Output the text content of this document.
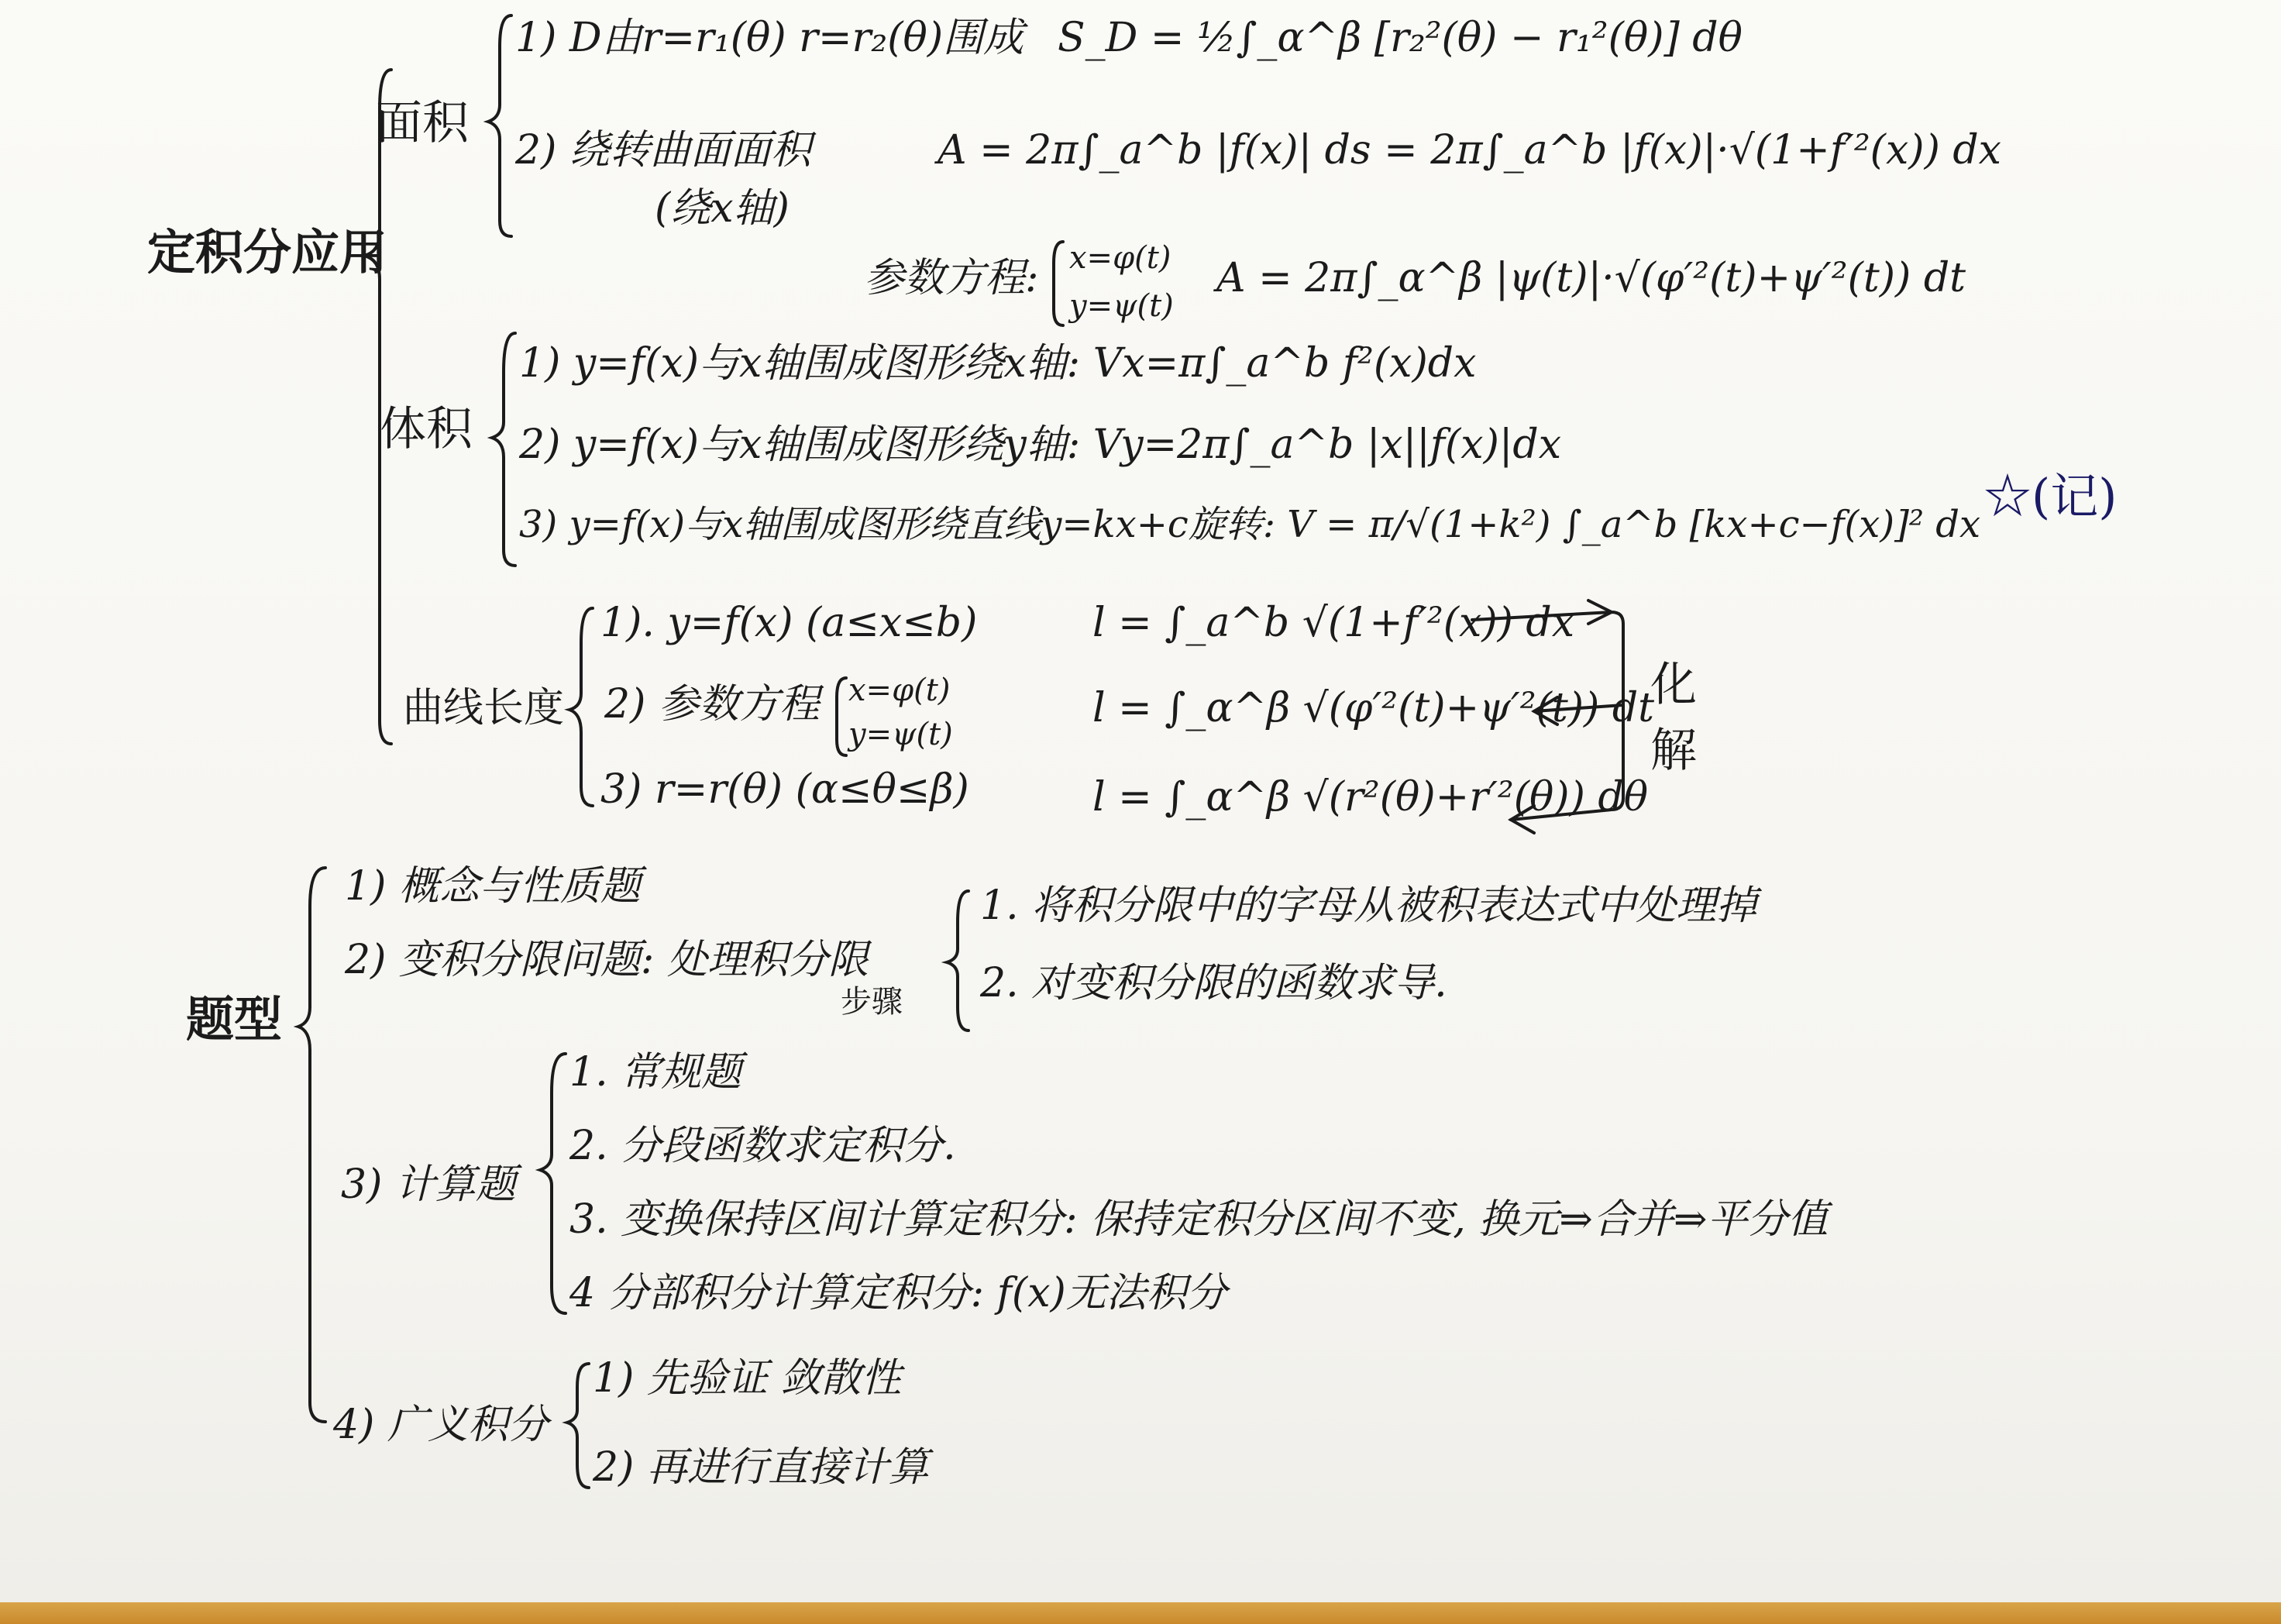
定积分应用
面积
1) D由r=r₁(θ) r=r₂(θ)围成 S_D = ½∫_α^β [r₂²(θ) − r₁²(θ)] dθ
2) 绕转曲面面积
(绕x轴)
A = 2π∫_a^b |f(x)| ds = 2π∫_a^b |f(x)|·√(1+f′²(x)) dx
参数方程: x=φ(t)
y=ψ(t)
A = 2π∫_α^β |ψ(t)|·√(φ′²(t)+ψ′²(t)) dt
体积
1) y=f(x)与x轴围成图形绕x轴: Vx=π∫_a^b f²(x)dx
2) y=f(x)与x轴围成图形绕y轴: Vy=2π∫_a^b |x||f(x)|dx
3) y=f(x)与x轴围成图形绕直线y=kx+c旋转: V = π/√(1+k²) ∫_a^b [kx+c−f(x)]² dx ☆(记)
曲线长度
1). y=f(x) (a≤x≤b)	l = ∫_a^b √(1+f′²(x)) dx
2) 参数方程 x=φ(t)
y=ψ(t)
l = ∫_α^β √(φ′²(t)+ψ′²(t)) dt
3) r=r(θ) (α≤θ≤β)	l = ∫_α^β √(r²(θ)+r′²(θ)) dθ
化
解
题型
1) 概念与性质题
2) 变积分限问题: 处理积分限
步骤
1. 将积分限中的字母从被积表达式中处理掉
2. 对变积分限的函数求导.
3) 计算题
1. 常规题
2. 分段函数求定积分.
3. 变换保持区间计算定积分: 保持定积分区间不变, 换元⇒合并⇒平分值
4 分部积分计算定积分: f(x)无法积分
4) 广义积分
1) 先验证 敛散性
2) 再进行直接计算
